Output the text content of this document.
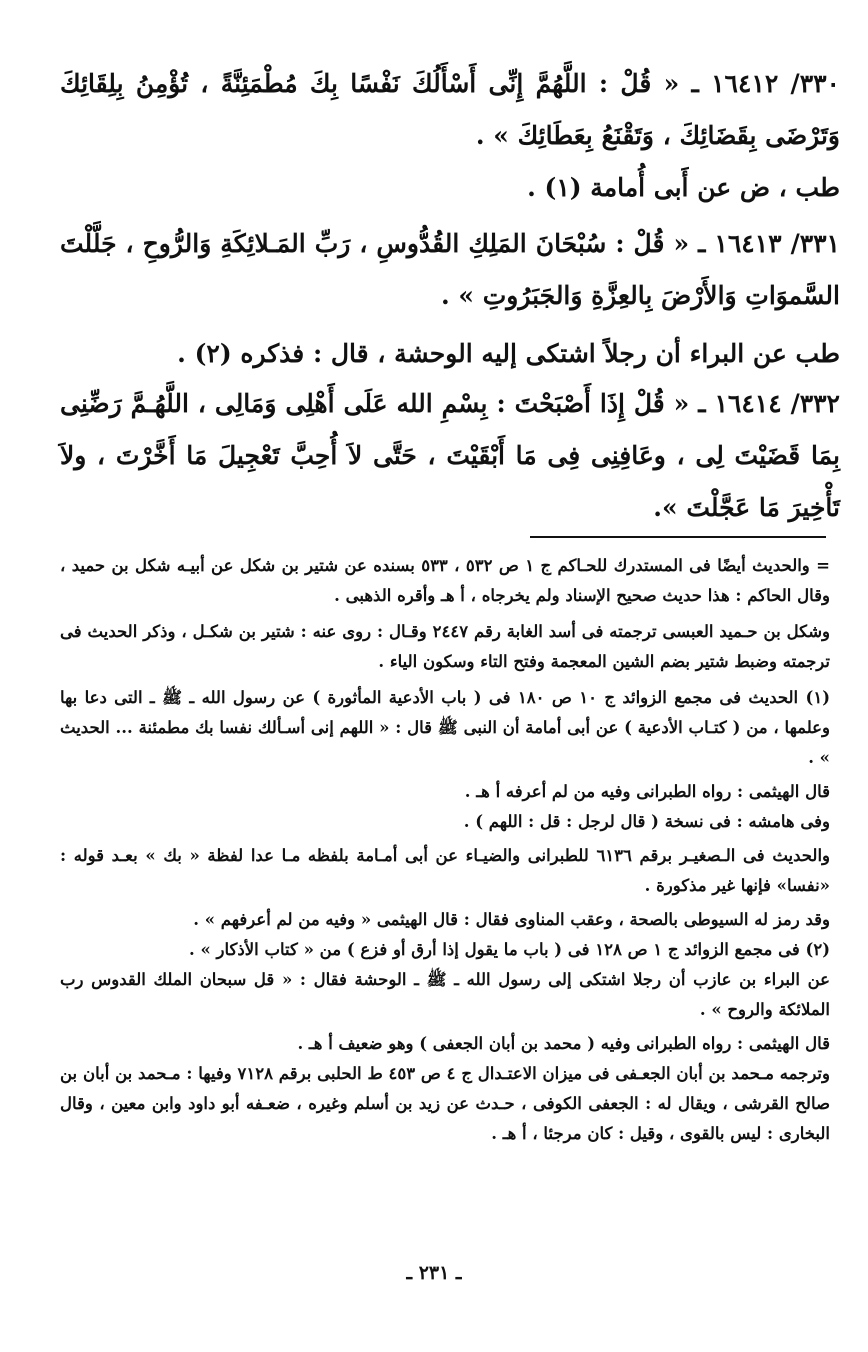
٣٣٠/ ١٦٤١٢ ـ « قُلْ : اللَّهُمَّ إِنِّى أَسْأَلُكَ نَفْسًا بِكَ مُطْمَئِنَّةً ، تُؤْمِنُ بِلِقَائِكَ وَتَرْضَى بِقَضَائِكَ ، وَتَقْنَعُ بِعَطَائِكَ » .

طب ، ض عن أَبى أُمامة (١) .

٣٣١/ ١٦٤١٣ ـ « قُلْ : سُبْحَانَ المَلِكِ القُدُّوسِ ، رَبِّ المَـلائِكَةِ وَالرُّوحِ ، جَلَّلْتَ السَّموَاتِ وَالأَرْضَ بِالعِزَّةِ وَالجَبَرُوتِ » .

طب عن البراء أن رجلاً اشتكى إليه الوحشة ، قال : فذكره (٢) .

٣٣٢/ ١٦٤١٤ ـ « قُلْ إِذَا أَصْبَحْتَ : بِسْمِ الله عَلَى أَهْلِى وَمَالِى ، اللَّهُـمَّ رَضِّنِى بِمَا قَضَيْتَ لِى ، وعَافِنِى فِى مَا أَبْقَيْتَ ، حَتَّى لاَ أُحِبَّ تَعْجِيلَ مَا أَخَّرْتَ ، ولاَ تَأْخِيرَ مَا عَجَّلْتَ ».

= والحديث أيضًا فى المستدرك للحـاكم ج ١ ص ٥٣٢ ، ٥٣٣ بسنده عن شتير بن شكل عن أبيـه شكل بن حميد ، وقال الحاكم : هذا حديث صحيح الإسناد ولم يخرجاه ، أ هـ وأقره الذهبى .

وشكل بن حـميد العبسى ترجمته فى أسد الغابة رقم ٢٤٤٧ وقـال : روى عنه : شتير بن شكـل ، وذكر الحديث فى ترجمته وضبط شتير بضم الشين المعجمة وفتح التاء وسكون الياء .

(١) الحديث فى مجمع الزوائد ج ١٠ ص ١٨٠ فى ( باب الأدعية المأثورة ) عن رسول الله ـ ﷺ ـ التى دعا بها وعلمها ، من ( كتـاب الأدعية ) عن أبى أمامة أن النبى ﷺ قال : « اللهم إنى أسـألك نفسا بك مطمئنة ... الحديث » .

قال الهيثمى : رواه الطبرانى وفيه من لم أعرفه أ هـ .

وفى هامشه : فى نسخة ( قال لرجل : قل : اللهم ) .

والحديث فى الـصغيـر برقم ٦١٣٦ للطبرانى والضيـاء عن أبى أمـامة بلفظه مـا عدا لفظة « بك » بعـد قوله : «نفسا» فإنها غير مذكورة .

وقد رمز له السيوطى بالصحة ، وعقب المناوى فقال : قال الهيثمى « وفيه من لم أعرفهم » .

(٢) فى مجمع الزوائد ج ١ ص ١٢٨ فى ( باب ما يقول إذا أرق أو فزع ) من « كتاب الأذكار » .

عن البراء بن عازب أن رجلا اشتكى إلى رسول الله ـ ﷺ ـ الوحشة فقال : « قل سبحان الملك القدوس رب الملائكة والروح » .

قال الهيثمى : رواه الطبرانى وفيه ( محمد بن أبان الجعفى ) وهو ضعيف أ هـ .

وترجمه مـحمد بن أبان الجعـفى فى ميزان الاعتـدال ج ٤ ص ٤٥٣ ط الحلبى برقم ٧١٢٨ وفيها : مـحمد بن أبان بن صالح القرشى ، ويقال له : الجعفى الكوفى ، حـدث عن زيد بن أسلم وغيره ، ضعـفه أبو داود وابن معين ، وقال البخارى : ليس بالقوى ، وقيل : كان مرجئا ، أ هـ .

ـ ٢٣١ ـ
